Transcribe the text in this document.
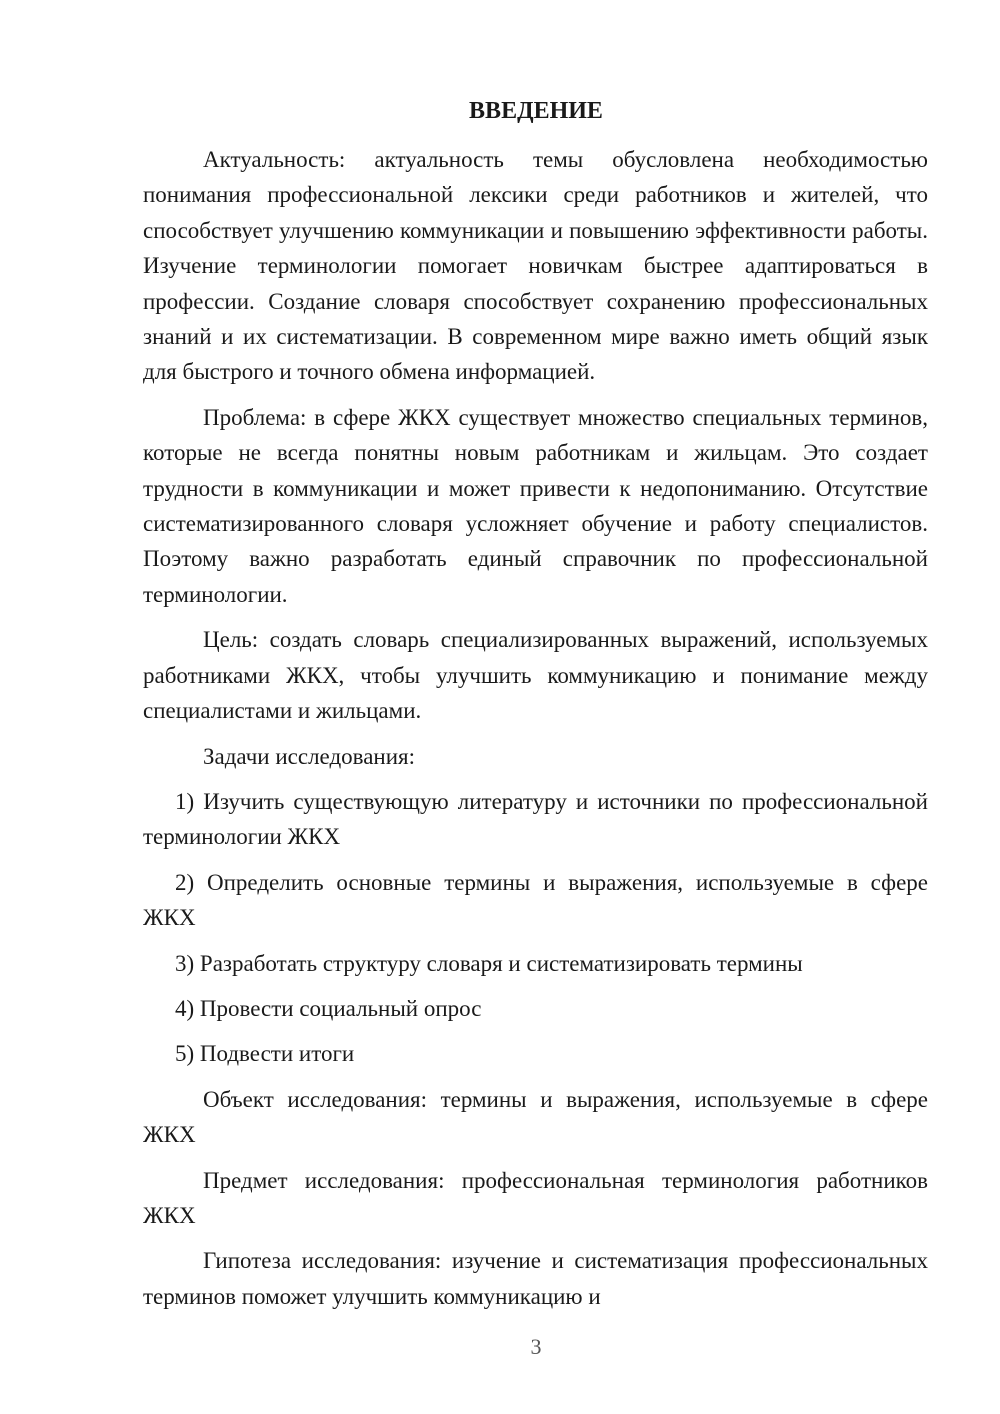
ВВЕДЕНИЕ

Актуальность: актуальность темы обусловлена необходимостью понимания профессиональной лексики среди работников и жителей, что способствует улучшению коммуникации и повышению эффективности работы. Изучение терминологии помогает новичкам быстрее адаптироваться в профессии. Создание словаря способствует сохранению профессиональных знаний и их систематизации. В современном мире важно иметь общий язык для быстрого и точного обмена информацией.

Проблема: в сфере ЖКХ существует множество специальных терминов, которые не всегда понятны новым работникам и жильцам. Это создает трудности в коммуникации и может привести к недопониманию. Отсутствие систематизированного словаря усложняет обучение и работу специалистов. Поэтому важно разработать единый справочник по профессиональной терминологии.

Цель: создать словарь специализированных выражений, используемых работниками ЖКХ, чтобы улучшить коммуникацию и понимание между специалистами и жильцами.

Задачи исследования:

1) Изучить существующую литературу и источники по профессиональной терминологии ЖКХ

2) Определить основные термины и выражения, используемые в сфере ЖКХ

3) Разработать структуру словаря и систематизировать термины

4) Провести социальный опрос

5) Подвести итоги

Объект исследования: термины и выражения, используемые в сфере ЖКХ

Предмет исследования: профессиональная терминология работников ЖКХ

Гипотеза исследования: изучение и систематизация профессиональных терминов поможет улучшить коммуникацию и

3
